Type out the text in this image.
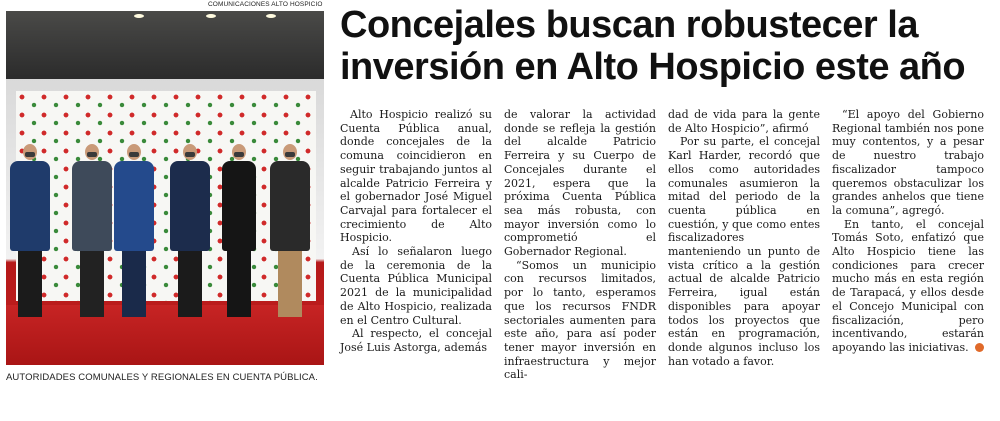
COMUNICACIONES ALTO HOSPICIO
AUTORIDADES COMUNALES Y REGIONALES EN CUENTA PÚBLICA.
Concejales buscan robustecer la inversión en Alto Hospicio este año

Alto Hospicio realizó su Cuenta Pública anual, donde concejales de la comuna coincidieron en seguir trabajando juntos al alcalde Patricio Ferreira y el gobernador José Miguel Carvajal para fortalecer el crecimiento de Alto Hospicio.

Así lo señalaron luego de la ceremonia de la Cuenta Pública Municipal 2021 de la municipalidad de Alto Hospicio, realizada en el Centro Cultural.

Al respecto, el concejal José Luis Astorga, además

de valorar la actividad donde se refleja la gestión del alcalde Patricio Ferreira y su Cuerpo de Concejales durante el 2021, espera que la próxima Cuenta Pública sea más robusta, con mayor inversión como lo comprometió el Gobernador Regional.

“Somos un municipio con recursos limitados, por lo tanto, esperamos que los recursos FNDR sectoriales aumenten para este año, para así poder tener mayor inversión en infraestructura y mejor cali-

dad de vida para la gente de Alto Hospicio”, afirmó

Por su parte, el concejal Karl Harder, recordó que ellos como autoridades comunales asumieron la mitad del periodo de la cuenta pública en cuestión, y que como entes fiscalizadores manteniendo un punto de vista crítico a la gestión actual de alcalde Patricio Ferreira, igual están disponibles para apoyar todos los proyectos que están en programación, donde algunos incluso los han votado a favor.

“El apoyo del Gobierno Regional también nos pone muy contentos, y a pesar de nuestro trabajo fiscalizador tampoco queremos obstaculizar los grandes anhelos que tiene la comuna”, agregó.

En tanto, el concejal Tomás Soto, enfatizó que Alto Hospicio tiene las condiciones para crecer mucho más en esta región de Tarapacá, y ellos desde el Concejo Municipal con fiscalización, pero incentivando, estarán apoyando las iniciativas.
